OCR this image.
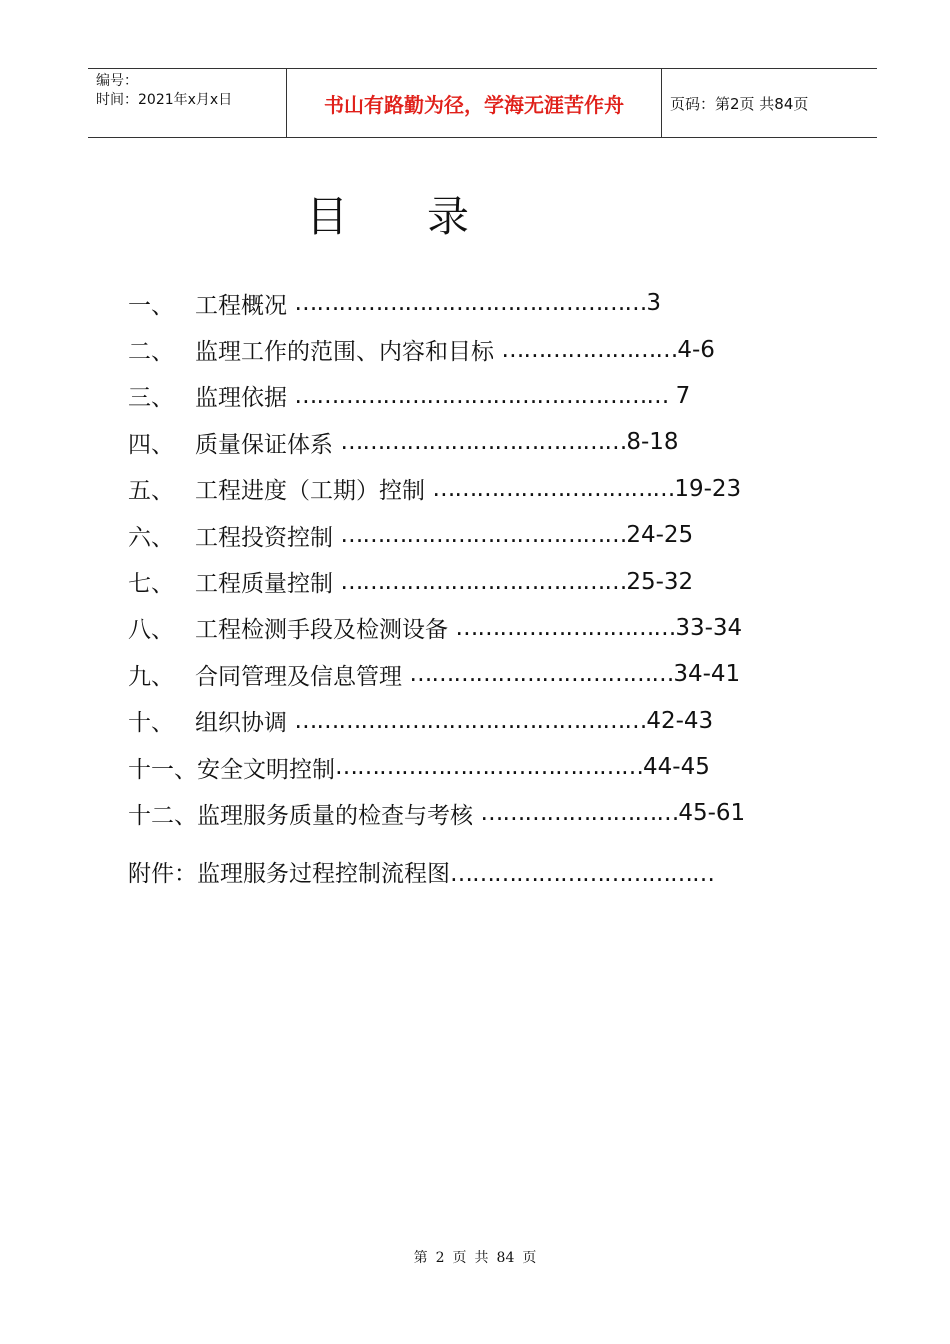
编号：
时间：2021年x月x日	书山有路勤为径，学海无涯苦作舟	页码：第2页 共84页
目 录
一、 工程概况
………………………………………… 3
二、 监理工作的范围、内容和目标
…………………… 4-6
三、 监理依据
……………………………………………
7
四、 质量保证体系
………………………………… 8-18
五、 工程进度（工期）控制
…………………………… 19-23
六、 工程投资控制
………………………………… 24-25
七、 工程质量控制
………………………………… 25-32
八、 工程检测手段及检测设备
………………………… 33-34
九、 合同管理及信息管理
……………………………… 34-41
十、 组织协调
………………………………………… 42-43
十一、 安全文明控制 …………………………………… 44-45
十二、 监理服务质量的检查与考核
……………………… 45-61
附件：监理服务过程控制流程图………………………………
第 2 页 共 84 页
